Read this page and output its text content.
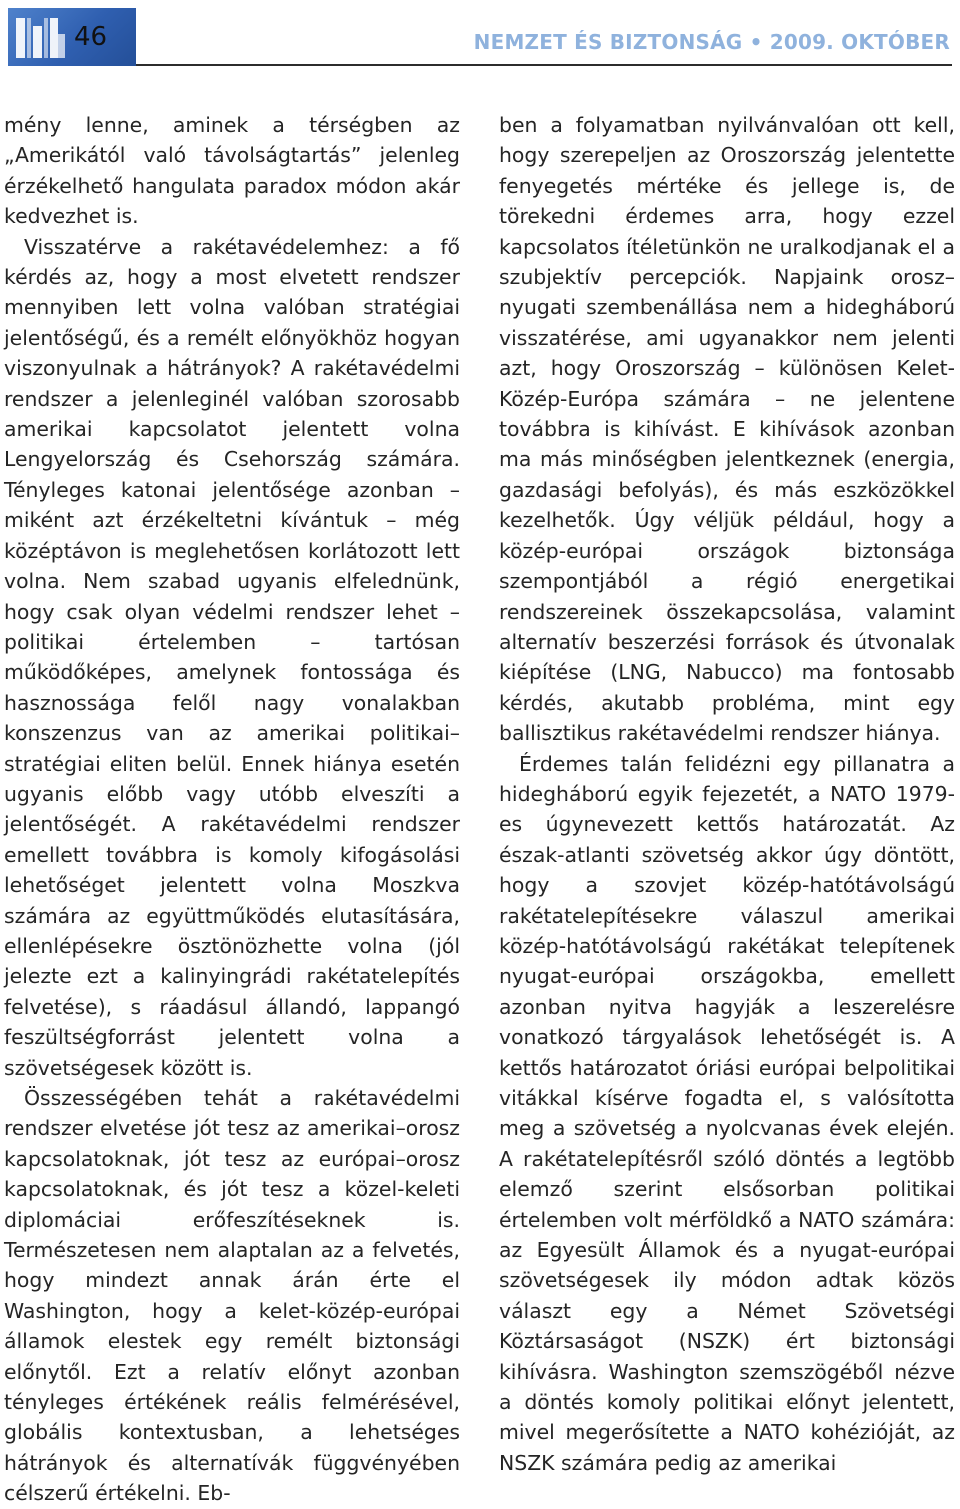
46	NEMZET ÉS BIZTONSÁG • 2009. OKTÓBER

mény lenne, aminek a térségben az „Amerikától való távolságtartás” jelenleg érzékelhető hangulata paradox módon akár kedvezhet is.

Visszatérve a rakétavédelemhez: a fő kérdés az, hogy a most elvetett rendszer mennyiben lett volna valóban stratégiai jelentőségű, és a remélt előnyökhöz hogyan viszonyulnak a hátrányok? A rakétavédelmi rendszer a jelenleginél valóban szorosabb amerikai kapcsolatot jelentett volna Lengyelország és Csehország számára. Tényleges katonai jelentősége azonban – miként azt érzékeltetni kívántuk – még középtávon is meglehetősen korlátozott lett volna. Nem szabad ugyanis elfelednünk, hogy csak olyan védelmi rendszer lehet – politikai értelemben – tartósan működőképes, amelynek fontossága és hasznossága felől nagy vonalakban konszenzus van az amerikai politikai–stratégiai eliten belül. Ennek hiánya esetén ugyanis előbb vagy utóbb elveszíti a jelentőségét. A rakétavédelmi rendszer emellett továbbra is komoly kifogásolási lehetőséget jelentett volna Moszkva számára az együttműködés elutasítására, ellenlépésekre ösztönözhette volna (jól jelezte ezt a kalinyingrádi rakétatelepítés felvetése), s ráadásul állandó, lappangó feszültségforrást jelentett volna a szövetségesek között is.

Összességében tehát a rakétavédelmi rendszer elvetése jót tesz az amerikai–orosz kapcsolatoknak, jót tesz az európai–orosz kapcsolatoknak, és jót tesz a közel-keleti diplomáciai erőfeszítéseknek is. Természetesen nem alaptalan az a felvetés, hogy mindezt annak árán érte el Washington, hogy a kelet-közép-európai államok elestek egy remélt biztonsági előnytől. Ezt a relatív előnyt azonban tényleges értékének reális felmérésével, globális kontextusban, a lehetséges hátrányok és alternatívák függvényében célszerű értékelni. Eb-

ben a folyamatban nyilvánvalóan ott kell, hogy szerepeljen az Oroszország jelentette fenyegetés mértéke és jellege is, de törekedni érdemes arra, hogy ezzel kapcsolatos ítéletünkön ne uralkodjanak el a szubjektív percepciók. Napjaink orosz–nyugati szembenállása nem a hidegháború visszatérése, ami ugyanakkor nem jelenti azt, hogy Oroszország – különösen Kelet-Közép-Európa számára – ne jelentene továbbra is kihívást. E kihívások azonban ma más minőségben jelentkeznek (energia, gazdasági befolyás), és más eszközökkel kezelhetők. Úgy véljük például, hogy a közép-európai országok biztonsága szempontjából a régió energetikai rendszereinek összekapcsolása, valamint alternatív beszerzési források és útvonalak kiépítése (LNG, Nabucco) ma fontosabb kérdés, akutabb probléma, mint egy ballisztikus rakétavédelmi rendszer hiánya.

Érdemes talán felidézni egy pillanatra a hidegháború egyik fejezetét, a NATO 1979-es úgynevezett kettős határozatát. Az észak-atlanti szövetség akkor úgy döntött, hogy a szovjet közép-hatótávolságú rakétatelepítésekre válaszul amerikai közép-hatótávolságú rakétákat telepítenek nyugat-európai országokba, emellett azonban nyitva hagyják a leszerelésre vonatkozó tárgyalások lehetőségét is. A kettős határozatot óriási európai belpolitikai vitákkal kísérve fogadta el, s valósította meg a szövetség a nyolcvanas évek elején. A rakétatelepítésről szóló döntés a legtöbb elemző szerint elsősorban politikai értelemben volt mérföldkő a NATO számára: az Egyesült Államok és a nyugat-európai szövetségesek ily módon adtak közös választ egy a Német Szövetségi Köztársaságot (NSZK) ért biztonsági kihívásra. Washington szemszögéből nézve a döntés komoly politikai előnyt jelentett, mivel megerősítette a NATO kohézióját, az NSZK számára pedig az amerikai
